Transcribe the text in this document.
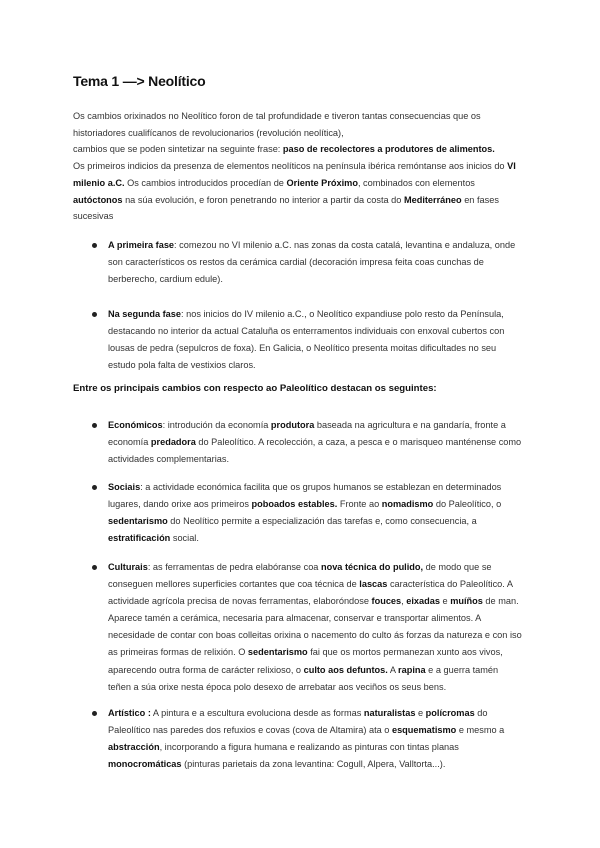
Tema 1 —> Neolítico
Os cambios orixinados no Neolítico foron de tal profundidade e tiveron tantas consecuencias que os
historiadores cualifícanos de revolucionarios (revolución neolítica),
cambios que se poden sintetizar na seguinte frase: paso de recolectores a produtores de alimentos.
Os primeiros indicios da presenza de elementos neolíticos na península ibérica remóntanse aos inicios do VI
milenio a.C. Os cambios introducidos procedían de Oriente Próximo, combinados con elementos
autóctonos na súa evolución, e foron penetrando no interior a partir da costa do Mediterráneo en fases
sucesivas
A primeira fase: comezou no VI milenio a.C. nas zonas da costa catalá, levantina e andaluza, onde
son característicos os restos da cerámica cardial (decoración impresa feita coas cunchas de
berberecho, cardium edule).
Na segunda fase: nos inicios do IV milenio a.C., o Neolítico expandiuse polo resto da Península,
destacando no interior da actual Cataluña os enterramentos individuais con enxoval cubertos con
lousas de pedra (sepulcros de foxa). En Galicia, o Neolítico presenta moitas dificultades no seu
estudo pola falta de vestixios claros.
Entre os principais cambios con respecto ao Paleolítico destacan os seguintes:
Económicos: introdución da economía produtora baseada na agricultura e na gandaría, fronte a
economía predadora do Paleolítico. A recolección, a caza, a pesca e o marisqueo manténense como
actividades complementarias.
Sociais: a actividade económica facilita que os grupos humanos se establezan en determinados
lugares, dando orixe aos primeiros poboados estables. Fronte ao nomadismo do Paleolítico, o
sedentarismo do Neolítico permite a especialización das tarefas e, como consecuencia, a
estratificación social.
Culturais: as ferramentas de pedra elabóranse coa nova técnica do pulido, de modo que se
conseguen mellores superficies cortantes que coa técnica de lascas característica do Paleolítico. A
actividade agrícola precisa de novas ferramentas, elaboróndose fouces, eixadas e muíños de man.
Aparece tamén a cerámica, necesaria para almacenar, conservar e transportar alimentos. A
necesidade de contar con boas colleitas orixina o nacemento do culto ás forzas da natureza e con iso
as primeiras formas de relixión. O sedentarismo fai que os mortos permanezan xunto aos vivos,
aparecendo outra forma de carácter relixioso, o culto aos defuntos. A rapina e a guerra tamén
teñen a súa orixe nesta época polo desexo de arrebatar aos veciños os seus bens.
Artístico : A pintura e a escultura evoluciona desde as formas naturalistas e polícromas do
Paleolítico nas paredes dos refuxios e covas (cova de Altamira) ata o esquematismo e mesmo a
abstracción, incorporando a figura humana e realizando as pinturas con tintas planas
monocromáticas (pinturas parietais da zona levantina: Cogull, Alpera, Valltorta...).
